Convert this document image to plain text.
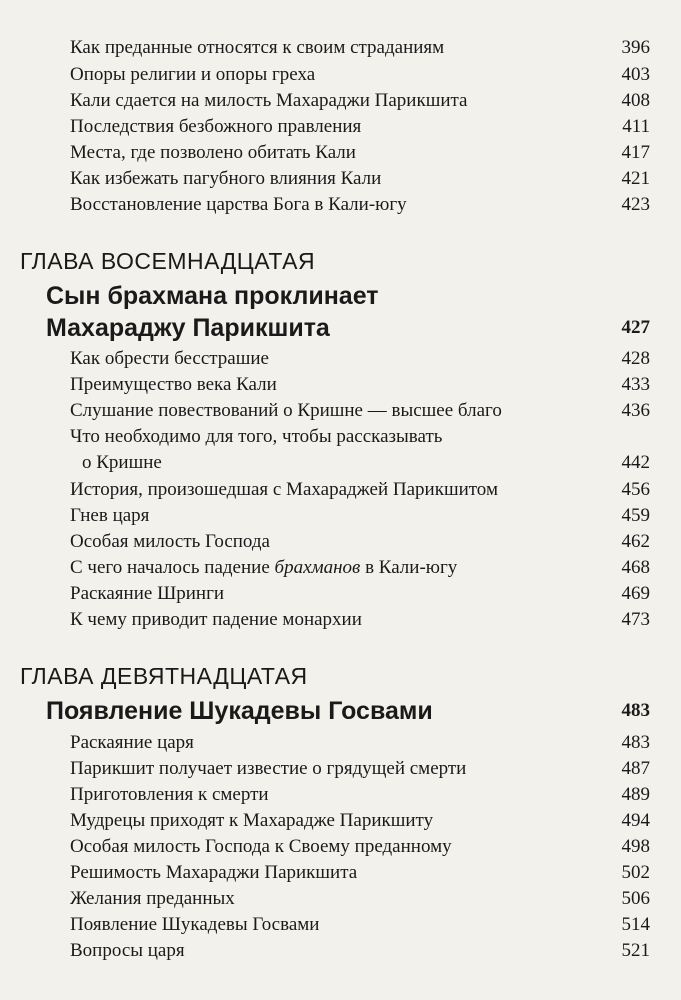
Как преданные относятся к своим страданиям	396
Опоры религии и опоры греха	403
Кали сдается на милость Махараджи Парикшита	408
Последствия безбожного правления	411
Места, где позволено обитать Кали	417
Как избежать пагубного влияния Кали	421
Восстановление царства Бога в Кали-югу	423
ГЛАВА ВОСЕМНАДЦАТАЯ
Сын брахмана проклинает
Махараджу Парикшита	427
Как обрести бесстрашие	428
Преимущество века Кали	433
Слушание повествований о Кришне — высшее благо	436
Что необходимо для того, чтобы рассказывать
о Кришне	442
История, произошедшая с Махараджей Парикшитом	456
Гнев царя	459
Особая милость Господа	462
С чего началось падение брахманов в Кали-югу	468
Раскаяние Шринги	469
К чему приводит падение монархии	473
ГЛАВА ДЕВЯТНАДЦАТАЯ
Появление Шукадевы Госвами	483
Раскаяние царя	483
Парикшит получает известие о грядущей смерти	487
Приготовления к смерти	489
Мудрецы приходят к Махарадже Парикшиту	494
Особая милость Господа к Своему преданному	498
Решимость Махараджи Парикшита	502
Желания преданных	506
Появление Шукадевы Госвами	514
Вопросы царя	521
